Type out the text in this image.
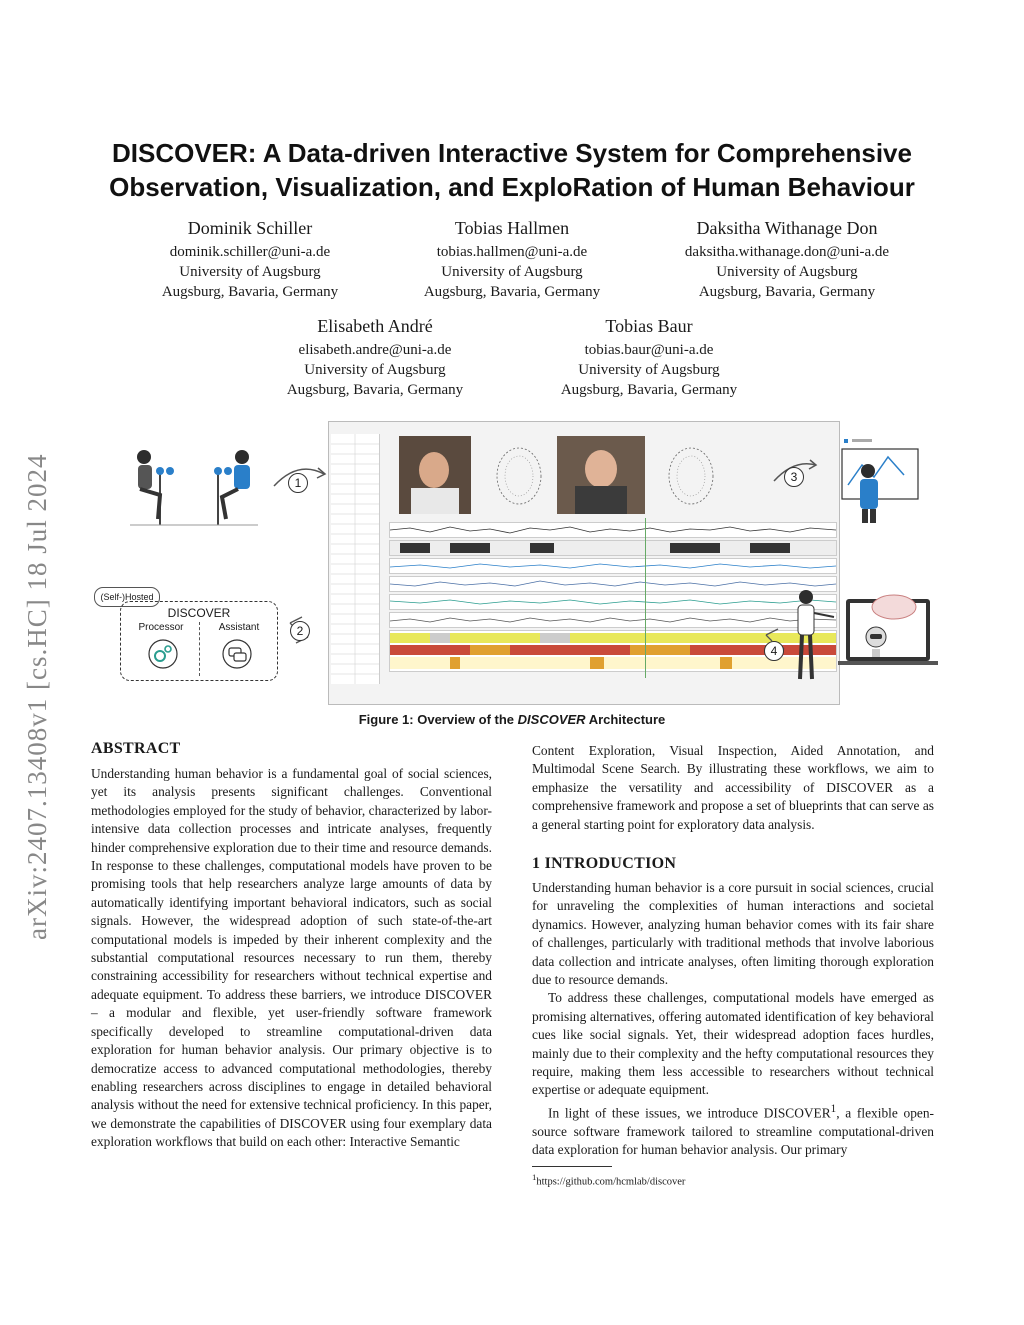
arXiv:2407.13408v1 [cs.HC] 18 Jul 2024
DISCOVER: A Data-driven Interactive System for Comprehensive
Observation, Visualization, and ExploRation of Human Behaviour
Dominik Schiller
dominik.schiller@uni-a.de
University of Augsburg
Augsburg, Bavaria, Germany
Tobias Hallmen
tobias.hallmen@uni-a.de
University of Augsburg
Augsburg, Bavaria, Germany
Daksitha Withanage Don
daksitha.withanage.don@uni-a.de
University of Augsburg
Augsburg, Bavaria, Germany
Elisabeth André
elisabeth.andre@uni-a.de
University of Augsburg
Augsburg, Bavaria, Germany
Tobias Baur
tobias.baur@uni-a.de
University of Augsburg
Augsburg, Bavaria, Germany
1
(Self-)Hosted
DISCOVER
Processor	Assistant	2
3
4
Figure 1: Overview of the DISCOVER Architecture
ABSTRACT

Understanding human behavior is a fundamental goal of social sciences, yet its analysis presents significant challenges. Conventional methodologies employed for the study of behavior, characterized by labor-intensive data collection processes and intricate analyses, frequently hinder comprehensive exploration due to their time and resource demands. In response to these challenges, computational models have proven to be promising tools that help researchers analyze large amounts of data by automatically identifying important behavioral indicators, such as social signals. However, the widespread adoption of such state-of-the-art computational models is impeded by their inherent complexity and the substantial computational resources necessary to run them, thereby constraining accessibility for researchers without technical expertise and adequate equipment. To address these barriers, we introduce DISCOVER – a modular and flexible, yet user-friendly software framework specifically developed to streamline computational-driven data exploration for human behavior analysis. Our primary objective is to democratize access to advanced computational methodologies, thereby enabling researchers across disciplines to engage in detailed behavioral analysis without the need for extensive technical proficiency. In this paper, we demonstrate the capabilities of DISCOVER using four exemplary data exploration workflows that build on each other: Interactive Semantic

Content Exploration, Visual Inspection, Aided Annotation, and Multimodal Scene Search. By illustrating these workflows, we aim to emphasize the versatility and accessibility of DISCOVER as a comprehensive framework and propose a set of blueprints that can serve as a general starting point for exploratory data analysis.

1 INTRODUCTION

Understanding human behavior is a core pursuit in social sciences, crucial for unraveling the complexities of human interactions and societal dynamics. However, analyzing human behavior comes with its fair share of challenges, particularly with traditional methods that involve laborious data collection and intricate analyses, often limiting thorough exploration due to resource demands.

To address these challenges, computational models have emerged as promising alternatives, offering automated identification of key behavioral cues like social signals. Yet, their widespread adoption faces hurdles, mainly due to their complexity and the hefty computational resources they require, making them less accessible to researchers without technical expertise or adequate equipment.

In light of these issues, we introduce DISCOVER$^1$, a flexible open-source software framework tailored to streamline computational-driven data exploration for human behavior analysis. Our primary

$^1$https://github.com/hcmlab/discover
